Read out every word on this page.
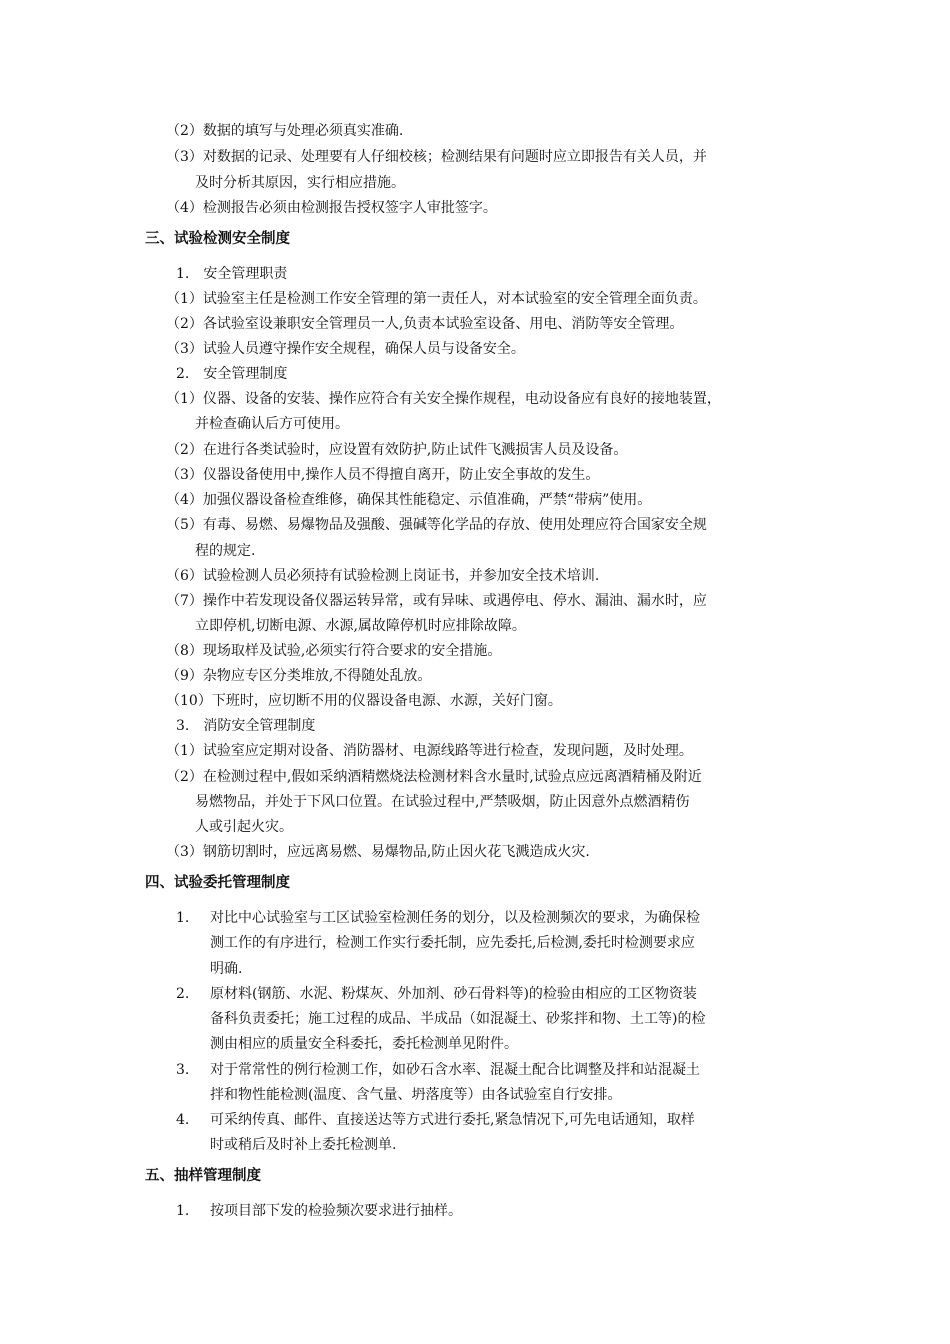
（2）数据的填写与处理必须真实准确.
（3）对数据的记录、处理要有人仔细校核；检测结果有问题时应立即报告有关人员，并
及时分析其原因，实行相应措施。
（4）检测报告必须由检测报告授权签字人审批签字。
三、试验检测安全制度
1.　安全管理职责
（1）试验室主任是检测工作安全管理的第一责任人，对本试验室的安全管理全面负责。
（2）各试验室设兼职安全管理员一人,负责本试验室设备、用电、消防等安全管理。
（3）试验人员遵守操作安全规程，确保人员与设备安全。
2.　安全管理制度
（1）仪器、设备的安装、操作应符合有关安全操作规程，电动设备应有良好的接地装置，
并检查确认后方可使用。
（2）在进行各类试验时，应设置有效防护,防止试件飞溅损害人员及设备。
（3）仪器设备使用中,操作人员不得擅自离开，防止安全事故的发生。
（4）加强仪器设备检查维修，确保其性能稳定、示值准确，严禁“带病”使用。
（5）有毒、易燃、易爆物品及强酸、强碱等化学品的存放、使用处理应符合国家安全规
程的规定.
（6）试验检测人员必须持有试验检测上岗证书，并参加安全技术培训.
（7）操作中若发现设备仪器运转异常，或有异味、或遇停电、停水、漏油、漏水时，应
立即停机,切断电源、水源,属故障停机时应排除故障。
（8）现场取样及试验,必须实行符合要求的安全措施。
（9）杂物应专区分类堆放,不得随处乱放。
（10）下班时，应切断不用的仪器设备电源、水源，关好门窗。
3.　消防安全管理制度
（1）试验室应定期对设备、消防器材、电源线路等进行检查，发现问题，及时处理。
（2）在检测过程中,假如采纳酒精燃烧法检测材料含水量时,试验点应远离酒精桶及附近
易燃物品，并处于下风口位置。在试验过程中,严禁吸烟，防止因意外点燃酒精伤
人或引起火灾。
（3）钢筋切割时，应远离易燃、易爆物品,防止因火花飞溅造成火灾.
四、试验委托管理制度
1. 对比中心试验室与工区试验室检测任务的划分，以及检测频次的要求，为确保检
测工作的有序进行，检测工作实行委托制，应先委托,后检测,委托时检测要求应
明确.
2. 原材料(钢筋、水泥、粉煤灰、外加剂、砂石骨料等)的检验由相应的工区物资装
备科负责委托；施工过程的成品、半成品（如混凝土、砂浆拌和物、土工等)的检
测由相应的质量安全科委托，委托检测单见附件。
3. 对于常常性的例行检测工作，如砂石含水率、混凝土配合比调整及拌和站混凝土
拌和物性能检测(温度、含气量、坍落度等）由各试验室自行安排。
4. 可采纳传真、邮件、直接送达等方式进行委托,紧急情况下,可先电话通知，取样
时或稍后及时补上委托检测单.
五、抽样管理制度
1. 按项目部下发的检验频次要求进行抽样。
